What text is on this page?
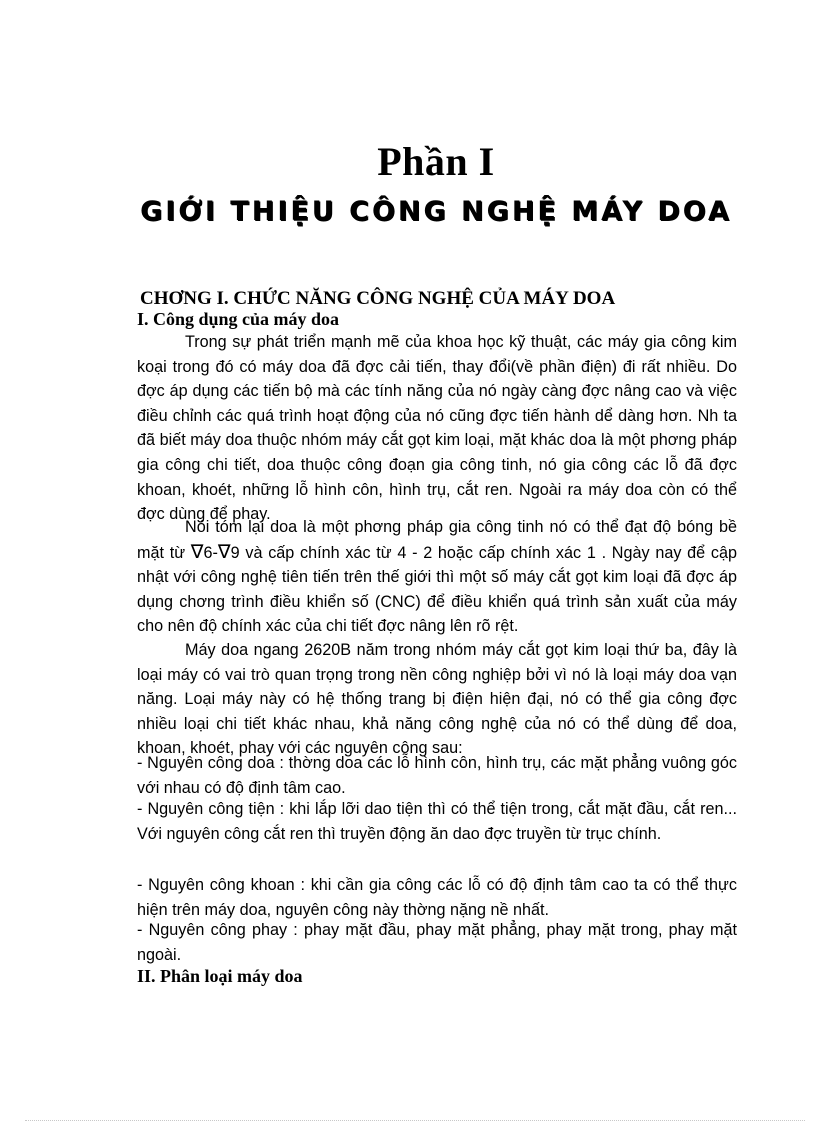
Phần I
GIỚI THIỆU CÔNG NGHỆ MÁY DOA
CHƠNG I. CHỨC NĂNG CÔNG NGHỆ CỦA MÁY DOA
I. Công dụng của máy doa
Trong sự phát triển mạnh mẽ của khoa học kỹ thuật, các máy gia công kim koại trong đó có máy doa đã đợc cải tiến, thay đổi(về phần điện) đi rất nhiều. Do đợc áp dụng các tiến bộ mà các tính năng của nó ngày càng đợc nâng cao và việc điều chỉnh các quá trình hoạt động của nó cũng đợc tiến hành dể dàng hơn. Nh ta đã biết máy doa thuộc nhóm máy cắt gọt kim loại, mặt khác doa là một phơng pháp gia công chi tiết, doa thuộc công đoạn gia công tinh, nó gia công các lỗ đã đợc khoan, khoét, những lỗ hình côn, hình trụ, cắt ren. Ngoài ra máy doa còn có thể đợc dùng để phay.
Nói tóm lại doa là một phơng pháp gia công tinh nó có thể đạt độ bóng bề mặt từ ∇6-∇9 và cấp chính xác từ 4 - 2 hoặc cấp chính xác 1 . Ngày nay để cập nhật với công nghệ tiên tiến trên thế giới thì một số máy cắt gọt kim loại đã đợc áp dụng chơng trình điều khiển số (CNC) để điều khiển quá trình sản xuất của máy cho nên độ chính xác của chi tiết đợc nâng lên rõ rệt.
Máy doa ngang 2620B năm trong nhóm máy cắt gọt kim loại thứ ba, đây là loại máy có vai trò quan trọng trong nền công nghiệp bởi vì nó là loại máy doa vạn năng. Loại máy này có hệ thống trang bị điện hiện đại, nó có thể gia công đợc nhiều loại chi tiết khác nhau, khả năng công nghệ của nó có thể dùng để doa, khoan, khoét, phay với các nguyên công sau:
- Nguyên công doa : thờng doa các lỗ hình côn, hình trụ, các mặt phẳng vuông góc với nhau có độ định tâm cao.
- Nguyên công tiện : khi lắp lỡi dao tiện thì có thể tiện trong, cắt mặt đầu, cắt ren... Với nguyên công cắt ren thì truyền động ăn dao đợc truyền từ trục chính.
- Nguyên công khoan : khi cần gia công các lỗ có độ định tâm cao ta có thể thực hiện trên máy doa, nguyên công này thờng nặng nề nhất.
- Nguyên công phay : phay mặt đầu, phay mặt phẳng, phay mặt trong, phay mặt ngoài.
II. Phân loại máy doa
